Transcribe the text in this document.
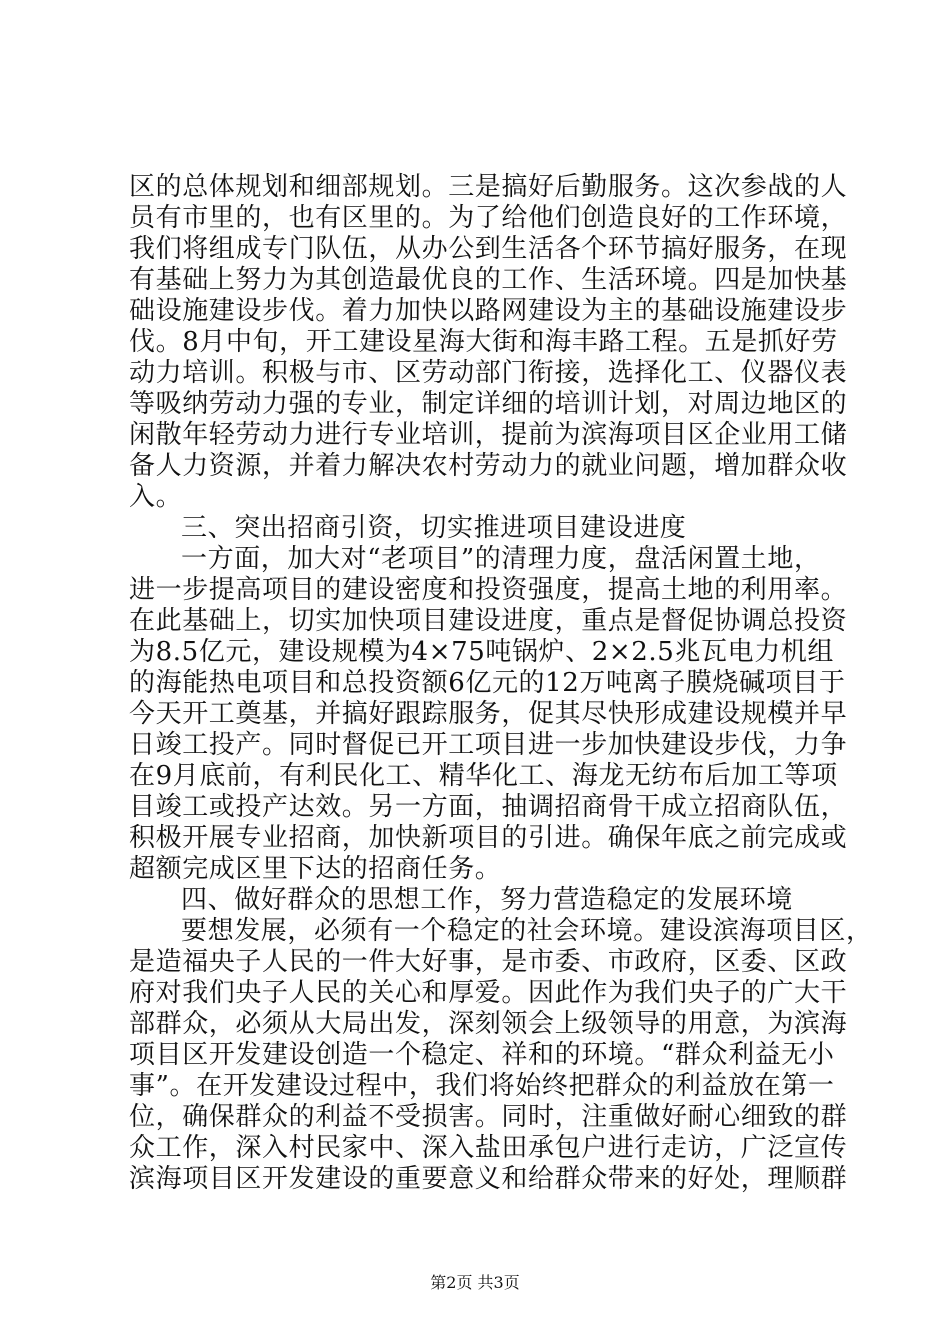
区的总体规划和细部规划。三是搞好后勤服务。这次参战的人
员有市里的，也有区里的。为了给他们创造良好的工作环境，
我们将组成专门队伍，从办公到生活各个环节搞好服务，在现
有基础上努力为其创造最优良的工作、生活环境。四是加快基
础设施建设步伐。着力加快以路网建设为主的基础设施建设步
伐。8月中旬，开工建设星海大街和海丰路工程。五是抓好劳
动力培训。积极与市、区劳动部门衔接，选择化工、仪器仪表
等吸纳劳动力强的专业，制定详细的培训计划，对周边地区的
闲散年轻劳动力进行专业培训，提前为滨海项目区企业用工储
备人力资源，并着力解决农村劳动力的就业问题，增加群众收
入。
三、突出招商引资，切实推进项目建设进度
一方面，加大对“老项目”的清理力度，盘活闲置土地，
进一步提高项目的建设密度和投资强度，提高土地的利用率。
在此基础上，切实加快项目建设进度，重点是督促协调总投资
为8.5亿元，建设规模为4×75吨锅炉、2×2.5兆瓦电力机组
的海能热电项目和总投资额6亿元的12万吨离子膜烧碱项目于
今天开工奠基，并搞好跟踪服务，促其尽快形成建设规模并早
日竣工投产。同时督促已开工项目进一步加快建设步伐，力争
在9月底前，有利民化工、精华化工、海龙无纺布后加工等项
目竣工或投产达效。另一方面，抽调招商骨干成立招商队伍，
积极开展专业招商，加快新项目的引进。确保年底之前完成或
超额完成区里下达的招商任务。
四、做好群众的思想工作，努力营造稳定的发展环境
要想发展，必须有一个稳定的社会环境。建设滨海项目区，
是造福央子人民的一件大好事，是市委、市政府，区委、区政
府对我们央子人民的关心和厚爱。因此作为我们央子的广大干
部群众，必须从大局出发，深刻领会上级领导的用意，为滨海
项目区开发建设创造一个稳定、祥和的环境。“群众利益无小
事”。在开发建设过程中，我们将始终把群众的利益放在第一
位，确保群众的利益不受损害。同时，注重做好耐心细致的群
众工作，深入村民家中、深入盐田承包户进行走访，广泛宣传
滨海项目区开发建设的重要意义和给群众带来的好处，理顺群
第2页 共3页
